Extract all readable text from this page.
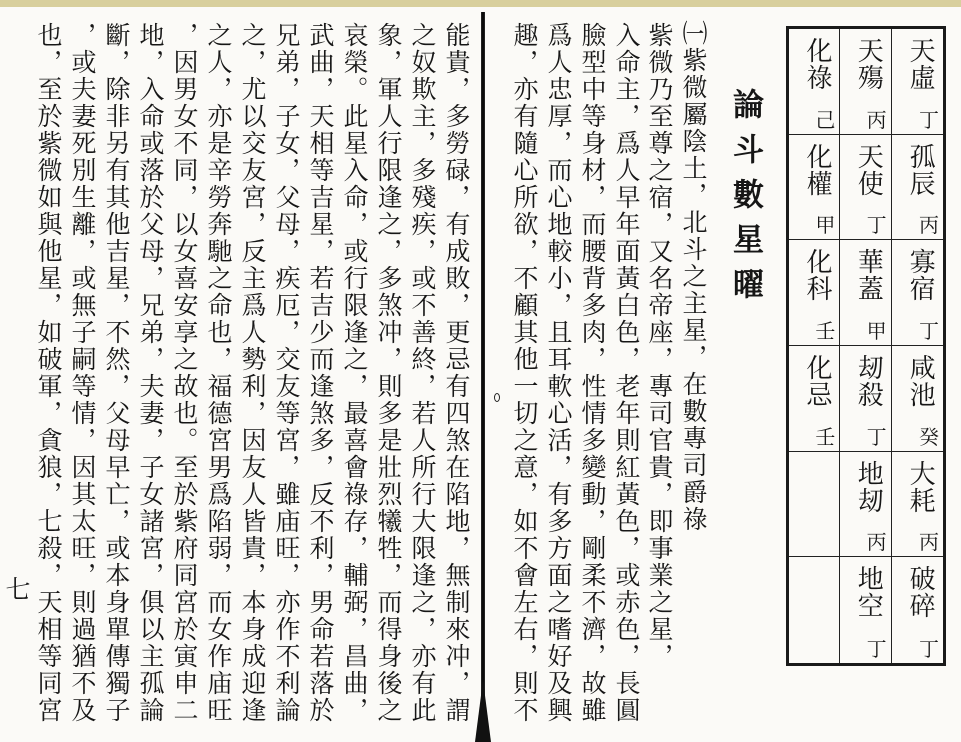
化祿
己
天殤
丙
天虛
丁
化權
甲
天使
丁
孤辰
丙
化科
壬
華蓋
甲
寡宿
丁
化忌
壬
刼殺
丁
咸池
癸
地刼
丙
大耗
丙
地空
丁
破碎
丁
論斗數星曜
㈠紫微屬陰土，北斗之主星，在數專司爵祿
紫微乃至尊之宿，又名帝座，專司官貴，即事業之星，
入命主，爲人早年面黃白色，老年則紅黃色，或赤色，長圓
臉型中等身材，而腰背多肉，性情多變動，剛柔不濟，故雖
爲人忠厚，而心地較小，且耳軟心活，有多方面之嗜好及興
趣，亦有隨心所欲，不顧其他一切之意，如不會左右，則不
能貴，多勞碌，有成敗，更忌有四煞在陷地，無制來冲，謂
之奴欺主，多殘疾，或不善終，若人所行大限逢之，亦有此
象，軍人行限逢之，多煞冲，則多是壯烈犧牲，而得身後之
哀榮。此星入命，或行限逢之，最喜會祿存，輔弼，昌曲，
武曲，天相等吉星，若吉少而逢煞多，反不利，男命若落於
兄弟，子女，父母，疾厄，交友等宮，雖庙旺，亦作不利論
之，尤以交友宮，反主爲人勢利，因友人皆貴，本身成迎逢
之人，亦是辛勞奔馳之命也，福德宮男爲陷弱，而女作庙旺
，因男女不同，以女喜安享之故也。至於紫府同宮於寅申二
地，入命或落於父母，兄弟，夫妻，子女諸宮，俱以主孤論
斷，除非另有其他吉星，不然，父母早亡，或本身單傳獨子
，或夫妻死別生離，或無子嗣等情，因其太旺，則過猶不及
也，至於紫微如與他星，如破軍，貪狼，七殺，天相等同宮
七
